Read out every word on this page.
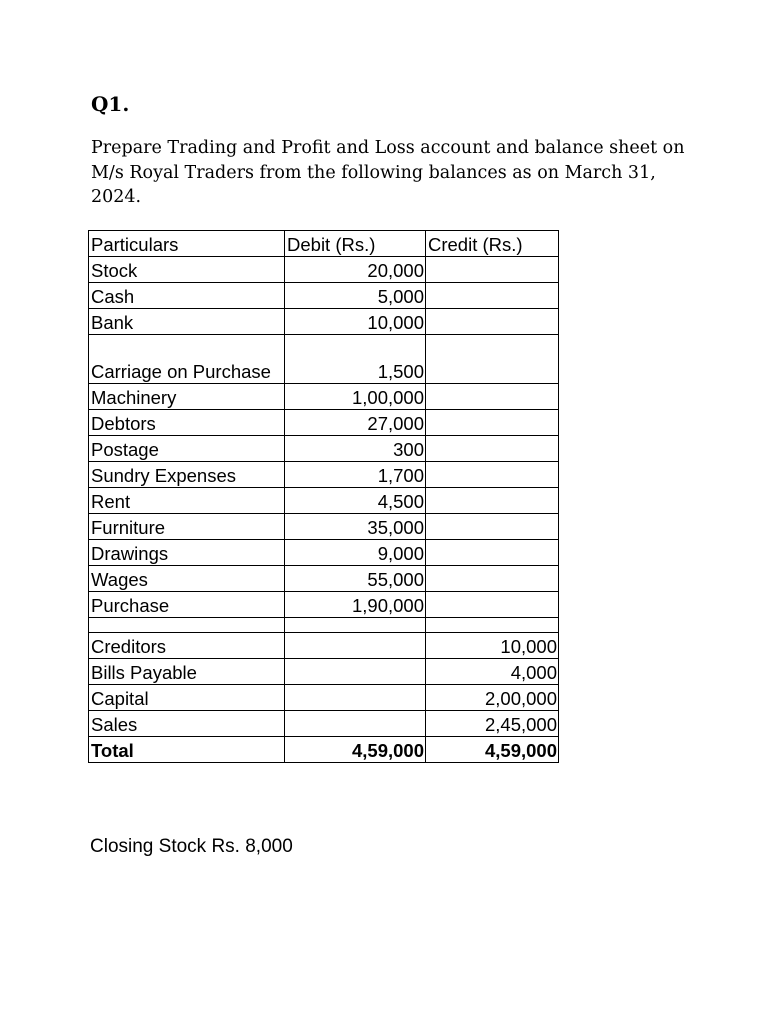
Q1.

Prepare Trading and Profit and Loss account and balance sheet on M/s Royal Traders from the following balances as on March 31, 2024.

Particulars	Debit (Rs.)	Credit (Rs.)
Stock	20,000	
Cash	5,000	
Bank	10,000	
Carriage on Purchase	1,500	
Machinery	1,00,000	
Debtors	27,000	
Postage	300	
Sundry Expenses	1,700	
Rent	4,500	
Furniture	35,000	
Drawings	9,000	
Wages	55,000	
Purchase	1,90,000	

Creditors		10,000
Bills Payable		4,000
Capital		2,00,000
Sales		2,45,000
Total	4,59,000	4,59,000

Closing Stock Rs. 8,000
